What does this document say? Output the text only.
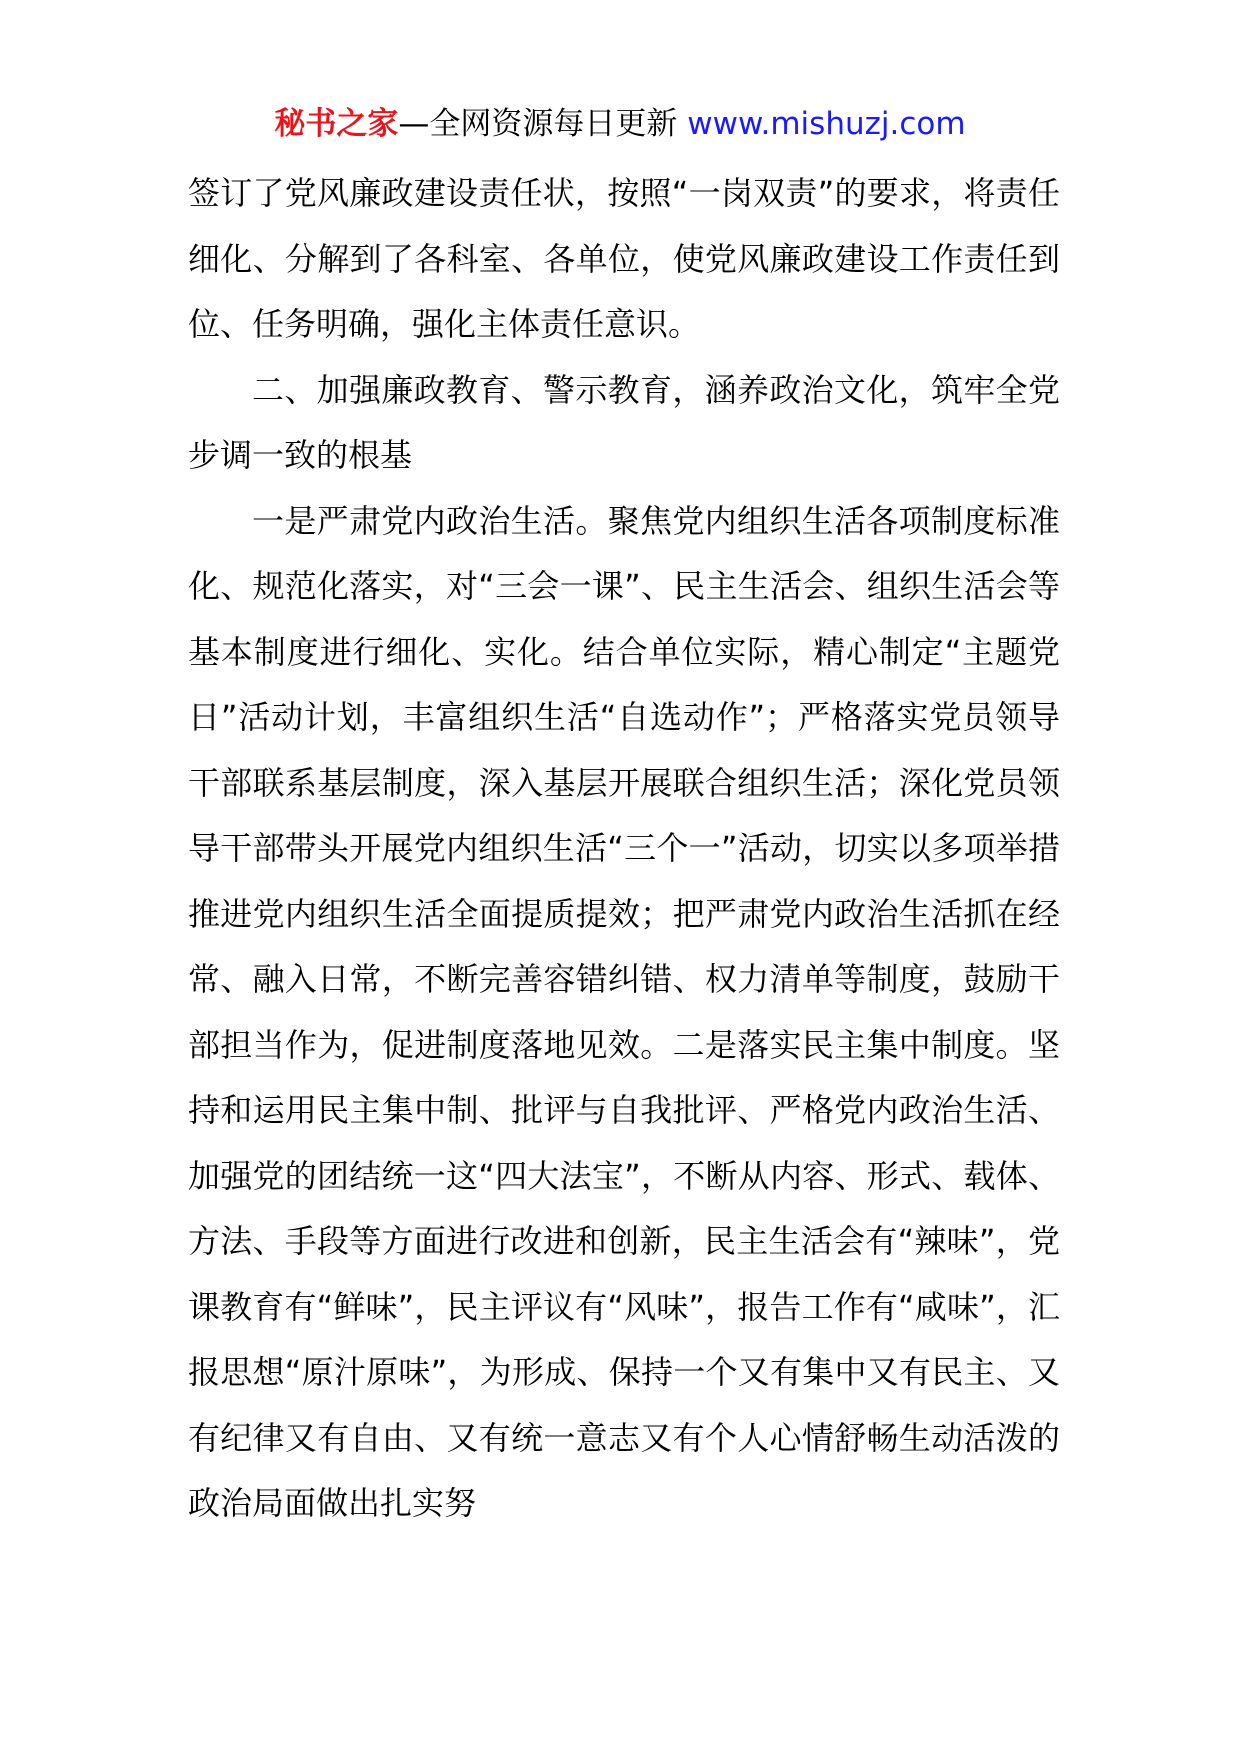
秘书之家—全网资源每日更新 www.mishuzj.com

签订了党风廉政建设责任状，按照“一岗双责”的要求，将责任细化、分解到了各科室、各单位，使党风廉政建设工作责任到位、任务明确，强化主体责任意识。

二、加强廉政教育、警示教育，涵养政治文化，筑牢全党步调一致的根基

一是严肃党内政治生活。聚焦党内组织生活各项制度标准化、规范化落实，对“三会一课”、民主生活会、组织生活会等基本制度进行细化、实化。结合单位实际，精心制定“主题党日”活动计划，丰富组织生活“自选动作”；严格落实党员领导干部联系基层制度，深入基层开展联合组织生活；深化党员领导干部带头开展党内组织生活“三个一”活动，切实以多项举措推进党内组织生活全面提质提效；把严肃党内政治生活抓在经常、融入日常，不断完善容错纠错、权力清单等制度，鼓励干部担当作为，促进制度落地见效。二是落实民主集中制度。坚持和运用民主集中制、批评与自我批评、严格党内政治生活、加强党的团结统一这“四大法宝”，不断从内容、形式、载体、方法、手段等方面进行改进和创新，民主生活会有“辣味”，党课教育有“鲜味”，民主评议有“风味”，报告工作有“咸味”，汇报思想“原汁原味”，为形成、保持一个又有集中又有民主、又有纪律又有自由、又有统一意志又有个人心情舒畅生动活泼的政治局面做出扎实努
